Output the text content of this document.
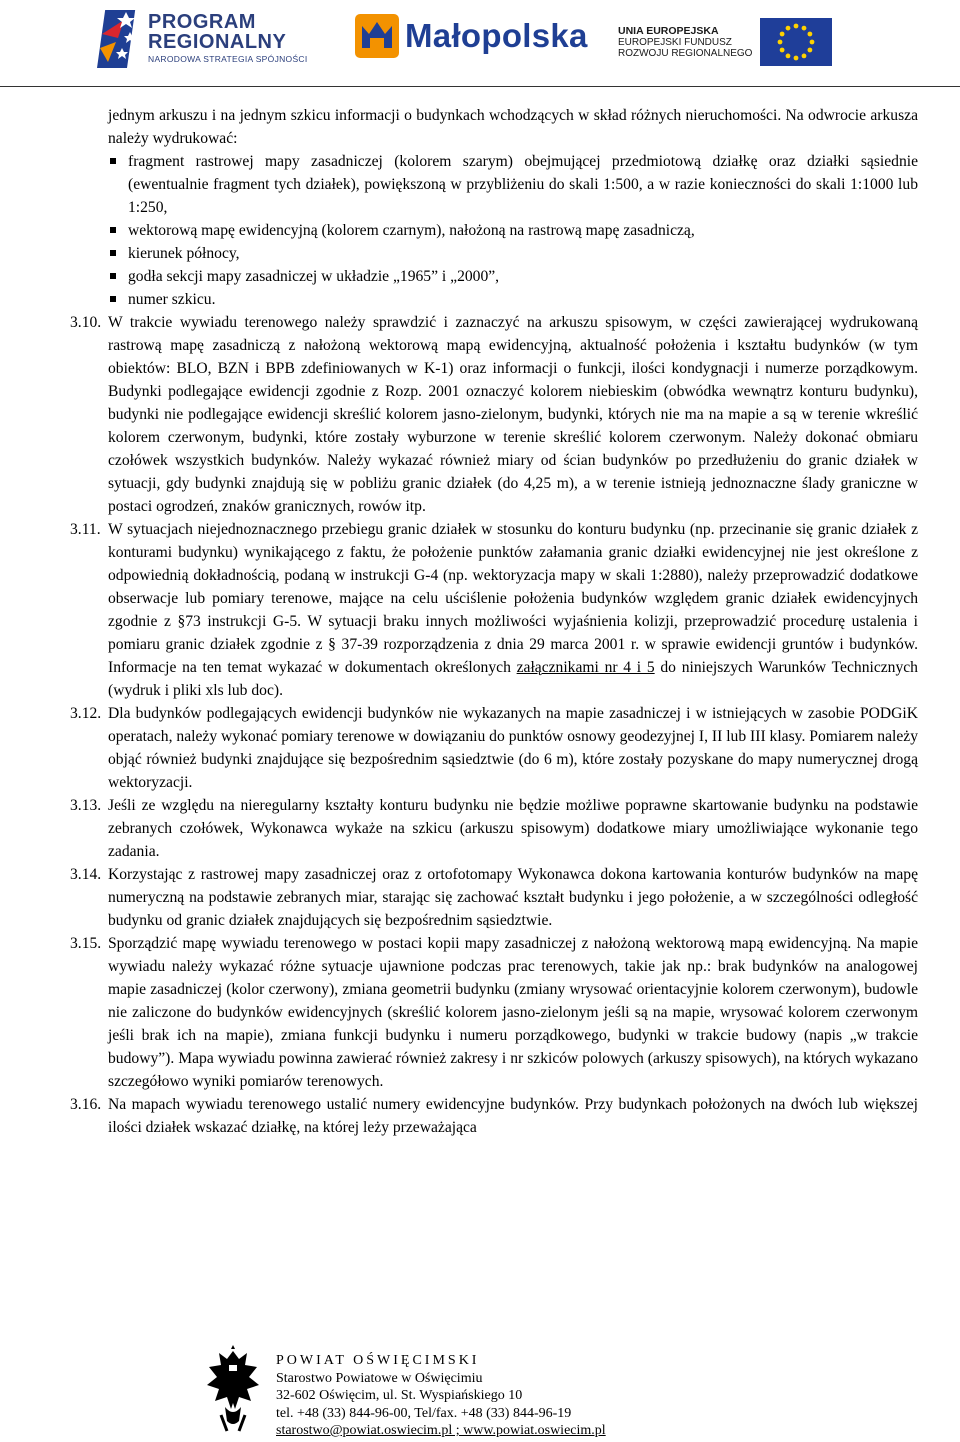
PROGRAM
REGIONALNY
NARODOWA STRATEGIA SPÓJNOŚCI
Małopolska	UNIA EUROPEJSKA
EUROPEJSKI FUNDUSZ
ROZWOJU REGIONALNEGO

jednym arkuszu i na jednym szkicu informacji o budynkach wchodzących w skład różnych nieruchomości. Na odwrocie arkusza należy wydrukować:

fragment rastrowej mapy zasadniczej (kolorem szarym) obejmującej przedmiotową działkę oraz działki sąsiednie (ewentualnie fragment tych działek), powiększoną w przybliżeniu do skali 1:500, a w razie konieczności do skali 1:1000 lub 1:250,
wektorową mapę ewidencyjną (kolorem czarnym), nałożoną na rastrową mapę zasadniczą,
kierunek północy,
godła sekcji mapy zasadniczej w układzie „1965” i „2000”,
numer szkicu.
3.10. W trakcie wywiadu terenowego należy sprawdzić i zaznaczyć na arkuszu spisowym, w części zawierającej wydrukowaną rastrową mapę zasadniczą z nałożoną wektorową mapą ewidencyjną, aktualność położenia i kształtu budynków (w tym obiektów: BLO, BZN i BPB zdefiniowanych w K-1) oraz informacji o funkcji, ilości kondygnacji i numerze porządkowym. Budynki podlegające ewidencji zgodnie z Rozp. 2001 oznaczyć kolorem niebieskim (obwódka wewnątrz konturu budynku), budynki nie podlegające ewidencji skreślić kolorem jasno-zielonym, budynki, których nie ma na mapie a są w terenie wkreślić kolorem czerwonym, budynki, które zostały wyburzone w terenie skreślić kolorem czerwonym. Należy dokonać obmiaru czołówek wszystkich budynków. Należy wykazać również miary od ścian budynków po przedłużeniu do granic działek w sytuacji, gdy budynki znajdują się w pobliżu granic działek (do 4,25 m), a w terenie istnieją jednoznaczne ślady graniczne w postaci ogrodzeń, znaków granicznych, rowów itp.
3.11. W sytuacjach niejednoznacznego przebiegu granic działek w stosunku do konturu budynku (np. przecinanie się granic działek z konturami budynku) wynikającego z faktu, że położenie punktów załamania granic działki ewidencyjnej nie jest określone z odpowiednią dokładnością, podaną w instrukcji G-4 (np. wektoryzacja mapy w skali 1:2880), należy przeprowadzić dodatkowe obserwacje lub pomiary terenowe, mające na celu uściślenie położenia budynków względem granic działek ewidencyjnych zgodnie z §73 instrukcji G-5. W sytuacji braku innych możliwości wyjaśnienia kolizji, przeprowadzić procedurę ustalenia i pomiaru granic działek zgodnie z § 37-39 rozporządzenia z dnia 29 marca 2001 r. w sprawie ewidencji gruntów i budynków. Informacje na ten temat wykazać w dokumentach określonych załącznikami nr 4 i 5 do niniejszych Warunków Technicznych (wydruk i pliki xls lub doc).
3.12. Dla budynków podlegających ewidencji budynków nie wykazanych na mapie zasadniczej i w istniejących w zasobie PODGiK operatach, należy wykonać pomiary terenowe w dowiązaniu do punktów osnowy geodezyjnej I, II lub III klasy. Pomiarem należy objąć również budynki znajdujące się bezpośrednim sąsiedztwie (do 6 m), które zostały pozyskane do mapy numerycznej drogą wektoryzacji.
3.13. Jeśli ze względu na nieregularny kształty konturu budynku nie będzie możliwe poprawne skartowanie budynku na podstawie zebranych czołówek, Wykonawca wykaże na szkicu (arkuszu spisowym) dodatkowe miary umożliwiające wykonanie tego zadania.
3.14. Korzystając z rastrowej mapy zasadniczej oraz z ortofotomapy Wykonawca dokona kartowania konturów budynków na mapę numeryczną na podstawie zebranych miar, starając się zachować kształt budynku i jego położenie, a w szczególności odległość budynku od granic działek znajdujących się bezpośrednim sąsiedztwie.
3.15. Sporządzić mapę wywiadu terenowego w postaci kopii mapy zasadniczej z nałożoną wektorową mapą ewidencyjną. Na mapie wywiadu należy wykazać różne sytuacje ujawnione podczas prac terenowych, takie jak np.: brak budynków na analogowej mapie zasadniczej (kolor czerwony), zmiana geometrii budynku (zmiany wrysować orientacyjnie kolorem czerwonym), budowle nie zaliczone do budynków ewidencyjnych (skreślić kolorem jasno-zielonym jeśli są na mapie, wrysować kolorem czerwonym jeśli brak ich na mapie), zmiana funkcji budynku i numeru porządkowego, budynki w trakcie budowy (napis „w trakcie budowy”). Mapa wywiadu powinna zawierać również zakresy i nr szkiców polowych (arkuszy spisowych), na których wykazano szczegółowo wyniki pomiarów terenowych.
3.16. Na mapach wywiadu terenowego ustalić numery ewidencyjne budynków. Przy budynkach położonych na dwóch lub większej ilości działek wskazać działkę, na której leży przeważająca
POWIAT OŚWIĘCIMSKI
Starostwo Powiatowe w Oświęcimiu
32-602 Oświęcim, ul. St. Wyspiańskiego 10
tel. +48 (33) 844-96-00, Tel/fax. +48 (33) 844-96-19
starostwo@powiat.oswiecim.pl ; www.powiat.oswiecim.pl
